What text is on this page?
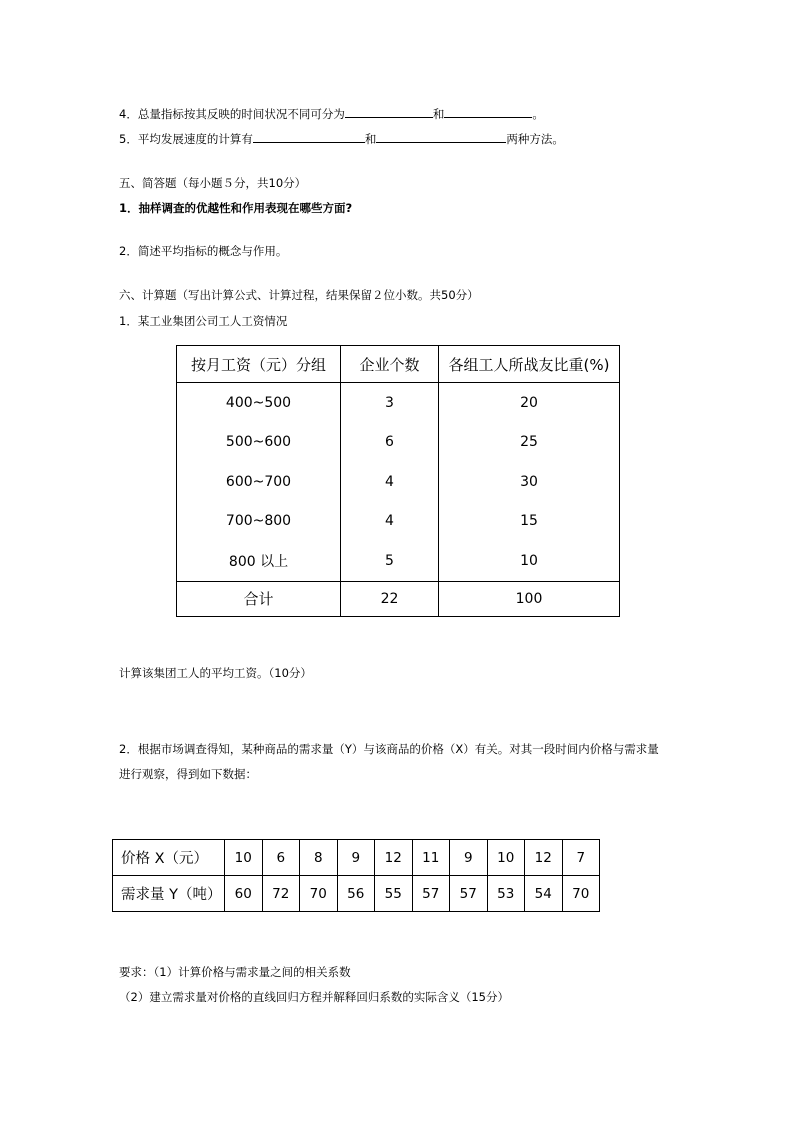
4．总量指标按其反映的时间状况不同可分为	和	。
5．平均发展速度的计算有	和	两种方法。
五、简答题（每小题５分，共10分）
1．抽样调查的优越性和作用表现在哪些方面?
2．简述平均指标的概念与作用。
六、计算题（写出计算公式、计算过程，结果保留２位小数。共50分）
1．某工业集团公司工人工资情况
按月工资（元）分组	企业个数	各组工人所战友比重(%)
400~500	3	20
500~600	6	25
600~700	4	30
700~800	4	15
800 以上	5	10
合计	22	100
计算该集团工人的平均工资。（10分）
2．根据市场调查得知，某种商品的需求量（Y）与该商品的价格（X）有关。对其一段时间内价格与需求量
进行观察，得到如下数据：
价格 X（元）	10	6	8	9	12	11	9	10	12	7
需求量 Y（吨）	60	72	70	56	55	57	57	53	54	70
要求：（1）计算价格与需求量之间的相关系数
（2）建立需求量对价格的直线回归方程并解释回归系数的实际含义（15分）
